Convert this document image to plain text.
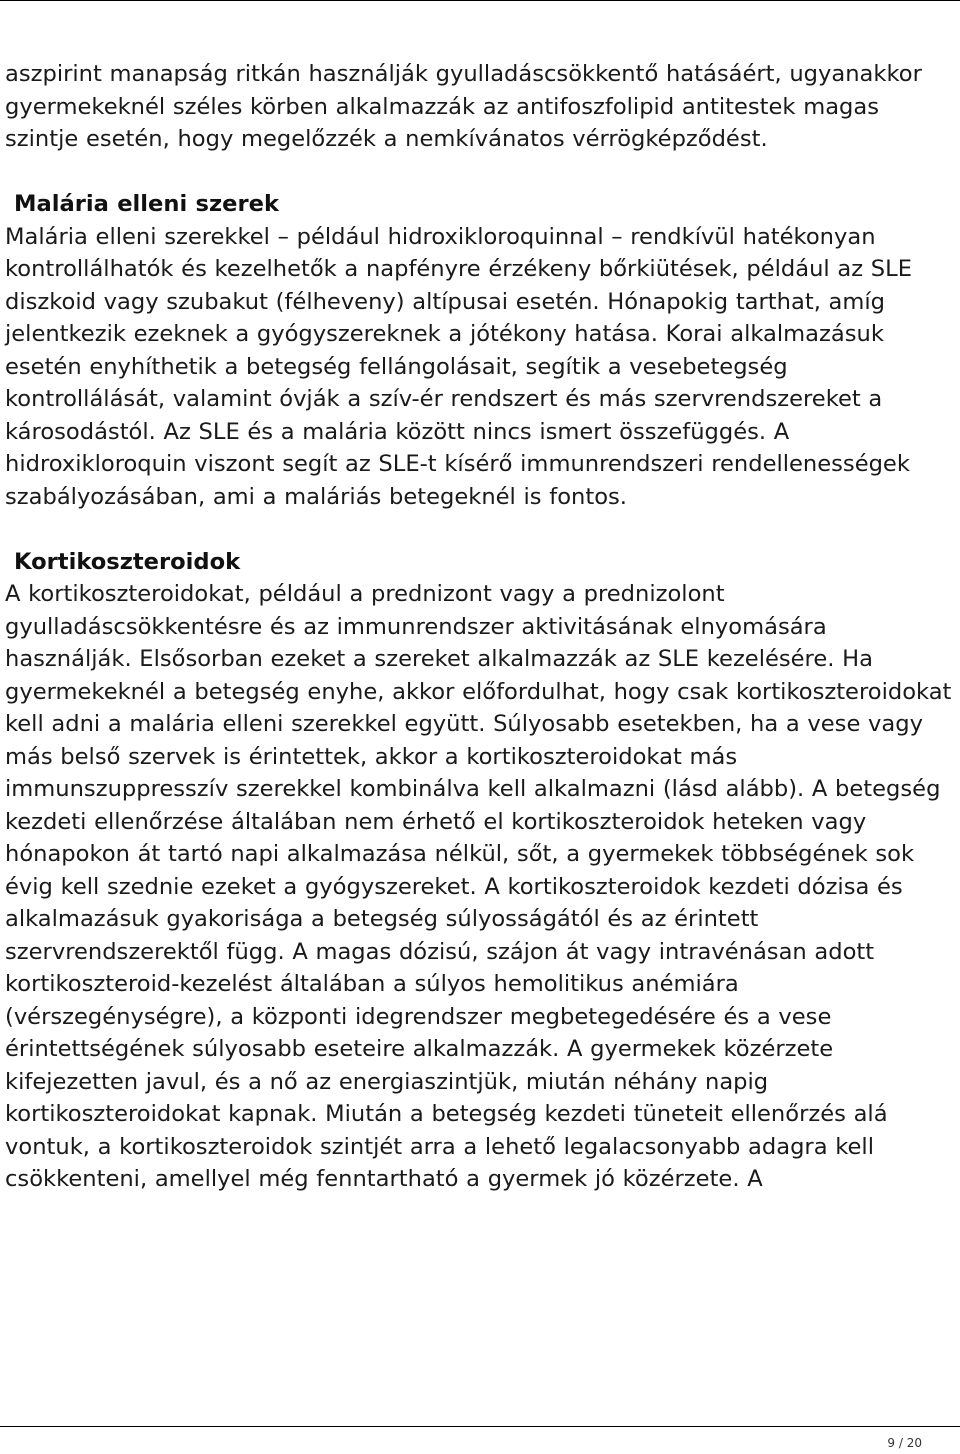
aszpirint manapság ritkán használják gyulladáscsökkentő hatásáért, ugyanakkor gyermekeknél széles körben alkalmazzák az antifoszfolipid antitestek magas szintje esetén, hogy megelőzzék a nemkívánatos vérrögképződést.

Malária elleni szerek

Malária elleni szerekkel – például hidroxikloroquinnal – rendkívül hatékonyan kontrollálhatók és kezelhetők a napfényre érzékeny bőrkiütések, például az SLE diszkoid vagy szubakut (félheveny) altípusai esetén. Hónapokig tarthat, amíg jelentkezik ezeknek a gyógyszereknek a jótékony hatása. Korai alkalmazásuk esetén enyhíthetik a betegség fellángolásait, segítik a vesebetegség kontrollálását, valamint óvják a szív-ér rendszert és más szervrendszereket a károsodástól. Az SLE és a malária között nincs ismert összefüggés. A hidroxikloroquin viszont segít az SLE-t kísérő immunrendszeri rendellenességek szabályozásában, ami a maláriás betegeknél is fontos.

Kortikoszteroidok

A kortikoszteroidokat, például a prednizont vagy a prednizolont gyulladáscsökkentésre és az immunrendszer aktivitásának elnyomására használják. Elsősorban ezeket a szereket alkalmazzák az SLE kezelésére. Ha gyermekeknél a betegség enyhe, akkor előfordulhat, hogy csak kortikoszteroidokat kell adni a malária elleni szerekkel együtt. Súlyosabb esetekben, ha a vese vagy más belső szervek is érintettek, akkor a kortikoszteroidokat más immunszuppresszív szerekkel kombinálva kell alkalmazni (lásd alább). A betegség kezdeti ellenőrzése általában nem érhető el kortikoszteroidok heteken vagy hónapokon át tartó napi alkalmazása nélkül, sőt, a gyermekek többségének sok évig kell szednie ezeket a gyógyszereket. A kortikoszteroidok kezdeti dózisa és alkalmazásuk gyakorisága a betegség súlyosságától és az érintett szervrendszerektől függ. A magas dózisú, szájon át vagy intravénásan adott kortikoszteroid-kezelést általában a súlyos hemolitikus anémiára (vérszegénységre), a központi idegrendszer megbetegedésére és a vese érintettségének súlyosabb eseteire alkalmazzák. A gyermekek közérzete kifejezetten javul, és a nő az energiaszintjük, miután néhány napig kortikoszteroidokat kapnak. Miután a betegség kezdeti tüneteit ellenőrzés alá vontuk, a kortikoszteroidok szintjét arra a lehető legalacsonyabb adagra kell csökkenteni, amellyel még fenntartható a gyermek jó közérzete. A

9 / 20
